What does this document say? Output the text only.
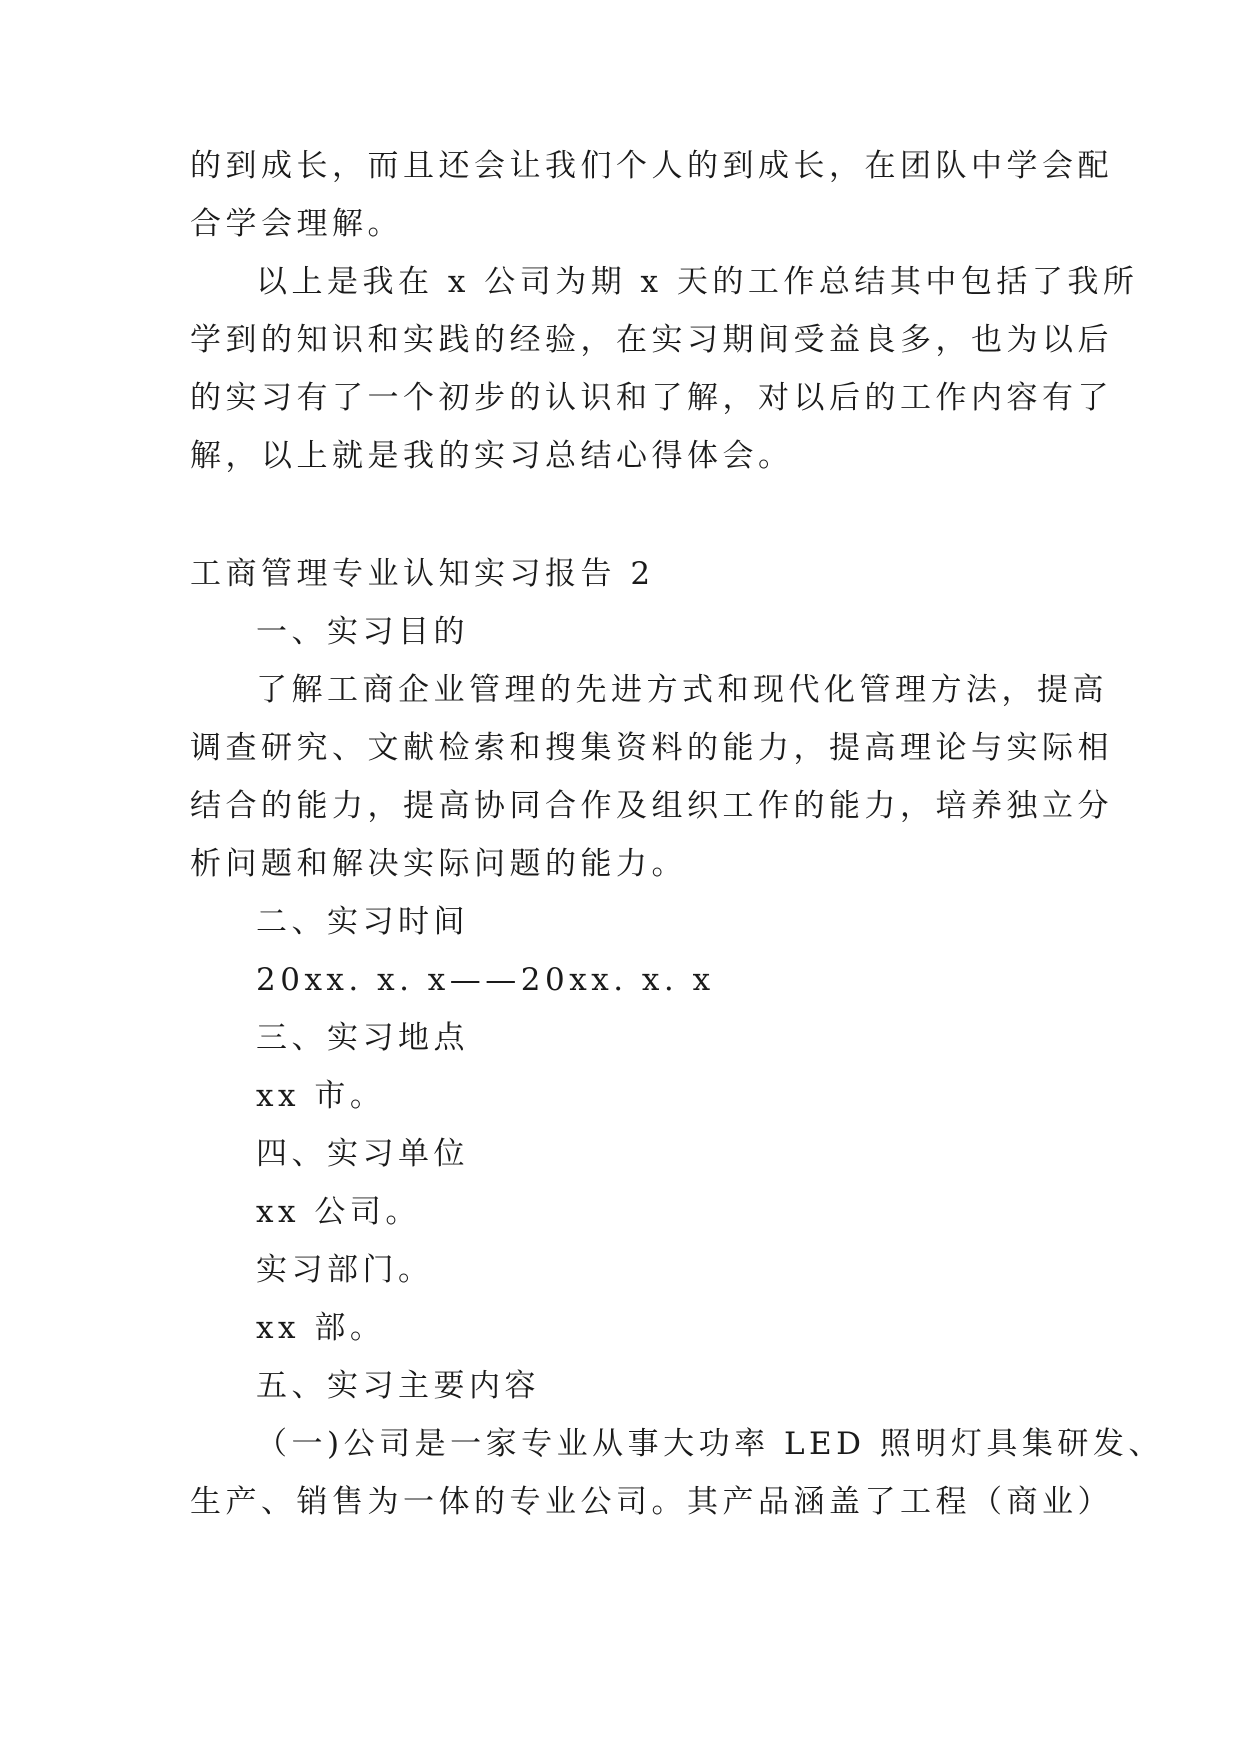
的到成长，而且还会让我们个人的到成长，在团队中学会配
合学会理解。
以上是我在 x 公司为期 x 天的工作总结其中包括了我所
学到的知识和实践的经验，在实习期间受益良多，也为以后
的实习有了一个初步的认识和了解，对以后的工作内容有了
解，以上就是我的实习总结心得体会。
工商管理专业认知实习报告 2
一、实习目的
了解工商企业管理的先进方式和现代化管理方法，提高
调查研究、文献检索和搜集资料的能力，提高理论与实际相
结合的能力，提高协同合作及组织工作的能力，培养独立分
析问题和解决实际问题的能力。
二、实习时间
20xx. x. x——20xx. x. x
三、实习地点
xx 市。
四、实习单位
xx 公司。
实习部门。
xx 部。
五、实习主要内容
（一)公司是一家专业从事大功率 LED 照明灯具集研发、
生产、销售为一体的专业公司。其产品涵盖了工程（商业）
